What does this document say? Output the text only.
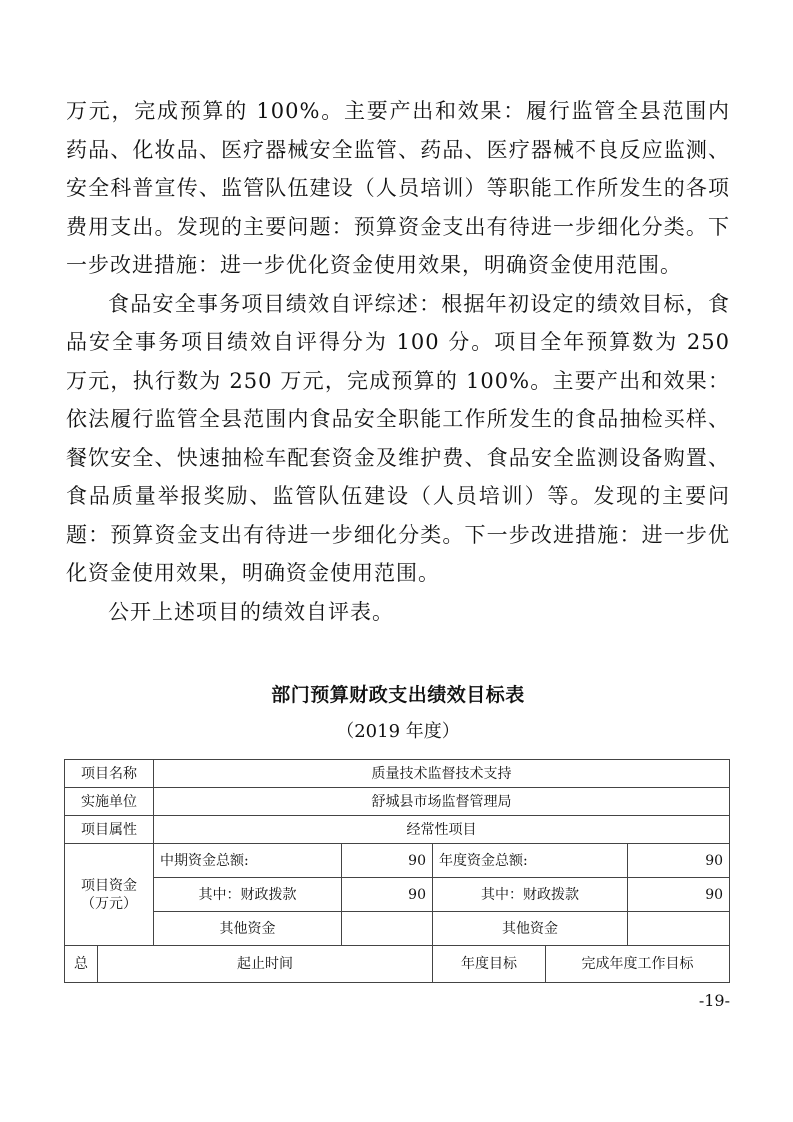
万元，完成预算的 100%。主要产出和效果：履行监管全县范围内药品、化妆品、医疗器械安全监管、药品、医疗器械不良反应监测、安全科普宣传、监管队伍建设（人员培训）等职能工作所发生的各项费用支出。发现的主要问题：预算资金支出有待进一步细化分类。下一步改进措施：进一步优化资金使用效果，明确资金使用范围。

食品安全事务项目绩效自评综述：根据年初设定的绩效目标，食品安全事务项目绩效自评得分为 100 分。项目全年预算数为 250 万元，执行数为 250 万元，完成预算的 100%。主要产出和效果：依法履行监管全县范围内食品安全职能工作所发生的食品抽检买样、餐饮安全、快速抽检车配套资金及维护费、食品安全监测设备购置、食品质量举报奖励、监管队伍建设（人员培训）等。发现的主要问题：预算资金支出有待进一步细化分类。下一步改进措施：进一步优化资金使用效果，明确资金使用范围。

公开上述项目的绩效自评表。

部门预算财政支出绩效目标表
（2019 年度）
项目名称		质量技术监督技术支持				
实施单位		舒城县市场监督管理局				
项目属性		经常性项目				

项目资金
（万元）		中期资金总额:	90	年度资金总额:		90
		其中：财政拨款	90	其中：财政拨款		90
		其他资金		其他资金		
总	起止时间			年度目标	完成年度工作目标	
-19-
